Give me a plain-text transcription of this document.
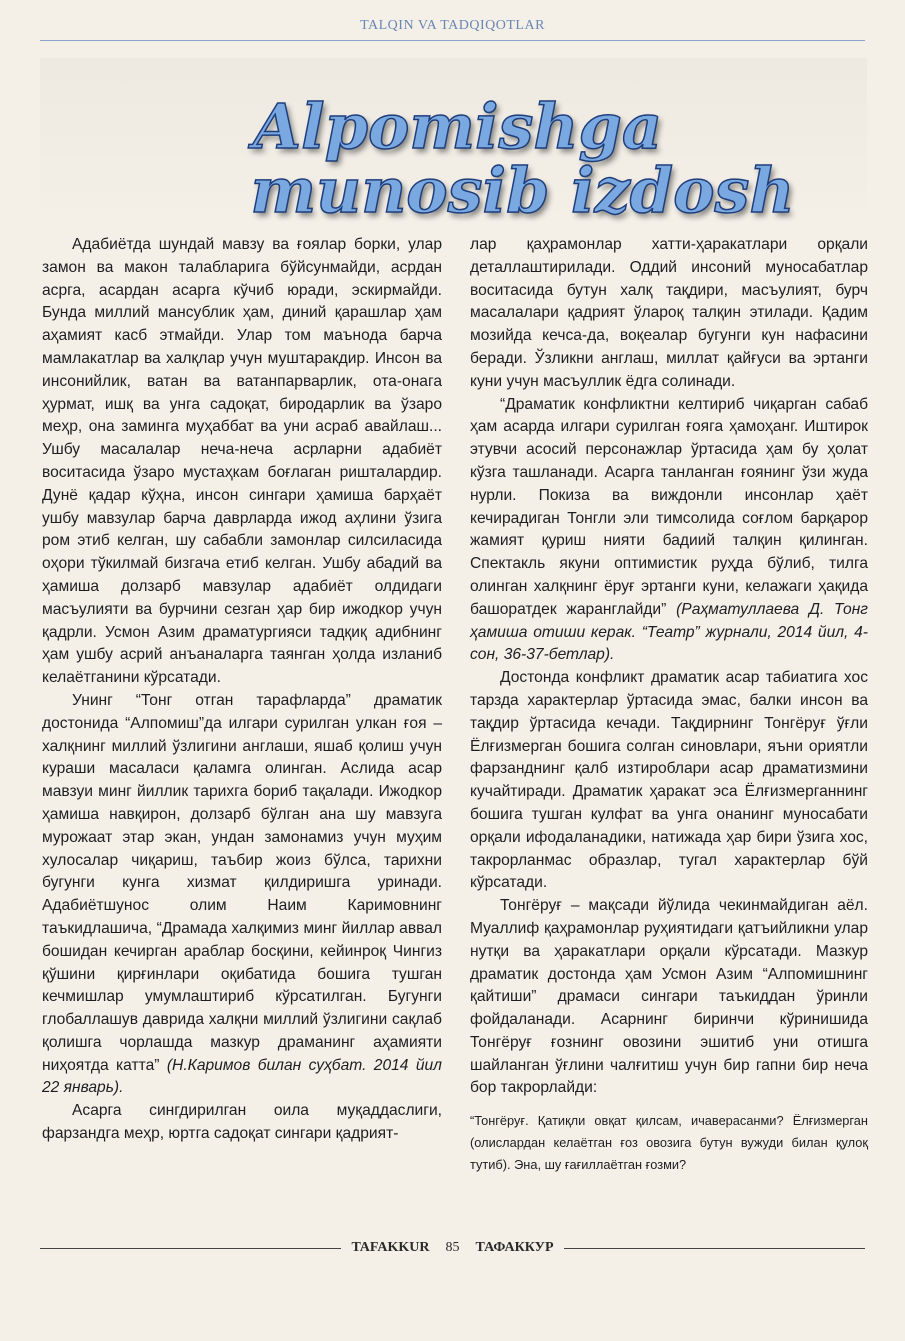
TALQIN VA TADQIQOTLAR
Alpomishga
munosib izdosh

Адабиётда шундай мавзу ва ғоялар борки, улар замон ва макон талабларига бўйсунмайди, асрдан асрга, асардан асарга кўчиб юради, эскирмайди. Бунда миллий мансублик ҳам, диний қарашлар ҳам аҳамият касб этмайди. Улар том маънода барча мамлакатлар ва халқлар учун муштаракдир. Инсон ва инсонийлик, ватан ва ватанпарварлик, ота-онага ҳурмат, ишқ ва унга садоқат, биродарлик ва ўзаро меҳр, она заминга муҳаббат ва уни асраб авайлаш... Ушбу масалалар неча-неча асрларни адабиёт воситасида ўзаро мустаҳкам боғлаган ришталардир. Дунё қадар кўҳна, инсон сингари ҳамиша барҳаёт ушбу мавзулар барча даврларда ижод аҳлини ўзига ром этиб келган, шу сабабли замонлар силсиласида оҳори тўкилмай бизгача етиб келган. Ушбу абадий ва ҳамиша долзарб мавзулар адабиёт олдидаги масъулияти ва бурчини сезган ҳар бир ижодкор учун қадрли. Усмон Азим драматургияси тадқиқ адибнинг ҳам ушбу асрий анъаналарга таянган ҳолда изланиб келаётганини кўрсатади.

Унинг “Тонг отган тарафларда” драматик достонида “Алпомиш”да илгари сурилган улкан ғоя – халқнинг миллий ўзлигини англаши, яшаб қолиш учун кураши масаласи қаламга олинган. Аслида асар мавзуи минг йиллик тарихга бориб тақалади. Ижодкор ҳамиша навқирон, долзарб бўлган ана шу мавзуга мурожаат этар экан, ундан замонамиз учун муҳим хулосалар чиқариш, таъбир жоиз бўлса, тарихни бугунги кунга хизмат қилдиришга уринади. Адабиётшунос олим Наим Каримовнинг таъкидлашича, “Драмада халқимиз минг йиллар аввал бошидан кечирган араблар босқини, кейинроқ Чингиз қўшини қирғинлари оқибатида бошига тушган кечмишлар умумлаштириб кўрсатилган. Бугунги глобаллашув даврида халқни миллий ўзлигини сақлаб қолишга чорлашда мазкур драманинг аҳамияти ниҳоятда катта” (Н.Каримов билан суҳбат. 2014 йил 22 январь).

Асарга сингдирилган оила муқаддаслиги, фарзандга меҳр, юртга садоқат сингари қадрият-

лар қаҳрамонлар хатти-ҳаракатлари орқали деталлаштирилади. Оддий инсоний муносабатлар воситасида бутун халқ тақдири, масъулият, бурч масалалари қадрият ўлароқ талқин этилади. Қадим мозийда кечса-да, воқеалар бугунги кун нафасини беради. Ўзликни англаш, миллат қайғуси ва эртанги куни учун масъуллик ёдга солинади.

“Драматик конфликтни келтириб чиқарган сабаб ҳам асарда илгари сурилган ғояга ҳамоҳанг. Иштирок этувчи асосий персонажлар ўртасида ҳам бу ҳолат кўзга ташланади. Асарга танланган ғоянинг ўзи жуда нурли. Покиза ва виждонли инсонлар ҳаёт кечирадиган Тонгли эли тимсолида соғлом барқарор жамият қуриш нияти бадиий талқин қилинган. Спектакль якуни оптимистик руҳда бўлиб, тилга олинган халқнинг ёруғ эртанги куни, келажаги ҳақида башоратдек жаранглайди” (Раҳматуллаева Д. Тонг ҳамиша отиши керак. “Театр” журнали, 2014 йил, 4-сон, 36-37-бетлар).

Достонда конфликт драматик асар табиатига хос тарзда характерлар ўртасида эмас, балки инсон ва тақдир ўртасида кечади. Тақдирнинг Тонгёруғ ўғли Ёлғизмерган бошига солган синовлари, яъни ориятли фарзанднинг қалб изтироблари асар драматизмини кучайтиради. Драматик ҳаракат эса Ёлғизмерганнинг бошига тушган кулфат ва унга онанинг муносабати орқали ифодаланадики, натижада ҳар бири ўзига хос, такрорланмас образлар, тугал характерлар бўй кўрсатади.

Тонгёруғ – мақсади йўлида чекинмайдиган аёл. Муаллиф қаҳрамонлар руҳиятидаги қатъийликни улар нутқи ва ҳаракатлари орқали кўрсатади. Мазкур драматик достонда ҳам Усмон Азим “Алпомишнинг қайтиши” драмаси сингари таъкиддан ўринли фойдаланади. Асарнинг биринчи кўринишида Тонгёруғ ғознинг овозини эшитиб уни отишга шайланган ўғлини чалғитиш учун бир гапни бир неча бор такрорлайди:

“Тонгёруғ. Қатиқли овқат қилсам, ичаверасанми? Ёлғизмерган (олислардан келаётган ғоз овозига бутун вужуди билан қулоқ тутиб). Эна, шу ғағиллаётган ғозми?

TAFAKKUR	85	ТАФАККУР
